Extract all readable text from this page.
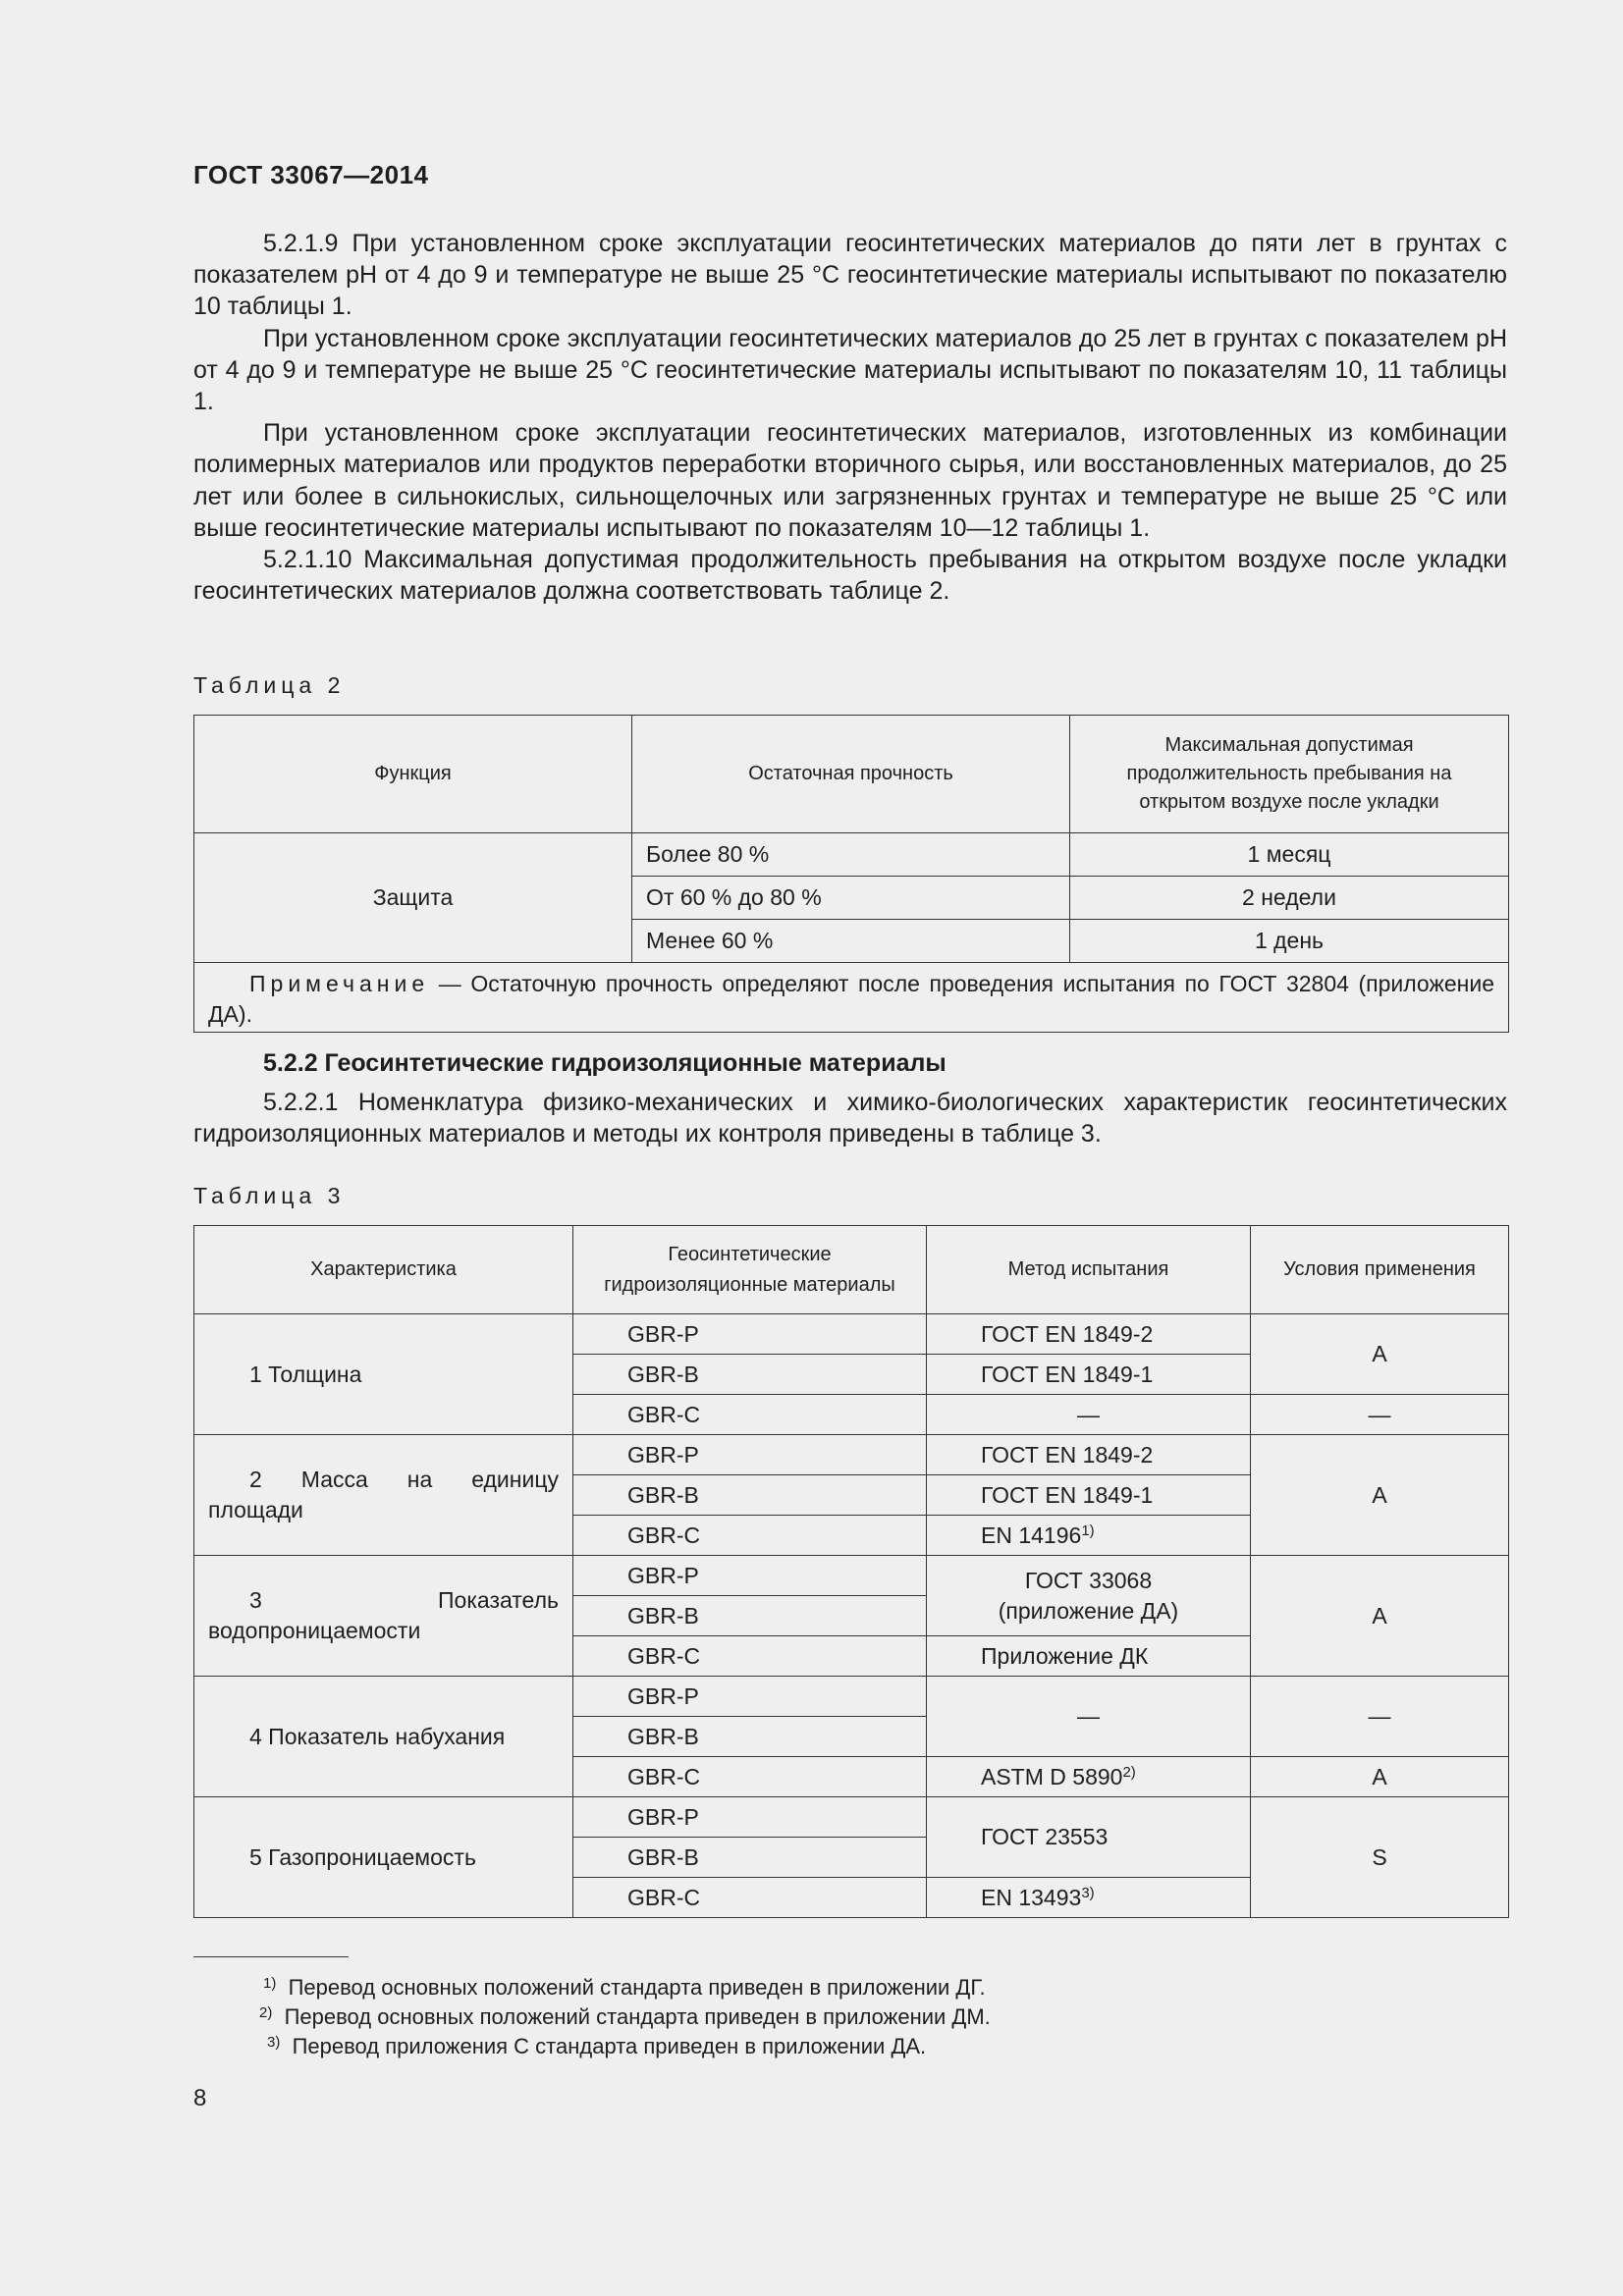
ГОСТ 33067—2014

5.2.1.9 При установленном сроке эксплуатации геосинтетических материалов до пяти лет в грунтах с показателем pH от 4 до 9 и температуре не выше 25 °С геосинтетические материалы испытывают по показателю 10 таблицы 1.

При установленном сроке эксплуатации геосинтетических материалов до 25 лет в грунтах с показателем pH от 4 до 9 и температуре не выше 25 °С геосинтетические материалы испытывают по показателям 10, 11 таблицы 1.

При установленном сроке эксплуатации геосинтетических материалов, изготовленных из комбинации полимерных материалов или продуктов переработки вторичного сырья, или восстановленных материалов, до 25 лет или более в сильнокислых, сильнощелочных или загрязненных грунтах и температуре не выше 25 °С или выше геосинтетические материалы испытывают по показателям 10—12 таблицы 1.

5.2.1.10 Максимальная допустимая продолжительность пребывания на открытом воздухе после укладки геосинтетических материалов должна соответствовать таблице 2.

Таблица 2
Функция	Остаточная прочность	Максимальная допустимая продолжительность пребывания на открытом воздухе после укладки
Защита	Более 80 %	1 месяц
	От 60 % до 80 %	2 недели
	Менее 60 %	1 день

Примечание — Остаточную прочность определяют после проведения испытания по ГОСТ 32804 (приложение ДА).		
5.2.2 Геосинтетические гидроизоляционные материалы

5.2.2.1 Номенклатура физико-механических и химико-биологических характеристик геосинтетических гидроизоляционных материалов и методы их контроля приведены в таблице 3.

Таблица 3
Характеристика	Геосинтетические гидроизоляционные материалы	Метод испытания	Условия применения

1 Толщина	GBR-P	ГОСТ EN 1849-2	А
	GBR-B	ГОСТ EN 1849-1	
	GBR-C	—	—

2 Масса на единицу площади	GBR-P	ГОСТ EN 1849-2	А
	GBR-B	ГОСТ EN 1849-1	
	GBR-C	EN 14196$^{1)}$

3 Показатель водопроницаемости	GBR-P	ГОСТ 33068 (приложение ДА)	А
	GBR-B		
	GBR-C	Приложение ДК	

4 Показатель набухания	GBR-P	—	—
	GBR-B		
	GBR-C	ASTM D 5890$^{2)}$	А

5 Газопроницаемость	GBR-P	ГОСТ 23553	S
	GBR-B		
	GBR-C	EN 13493$^{3)}$
$^{1)}$ Перевод основных положений стандарта приведен в приложении ДГ.
$^{2)}$ Перевод основных положений стандарта приведен в приложении ДМ.
$^{3)}$ Перевод приложения С стандарта приведен в приложении ДА.
8
